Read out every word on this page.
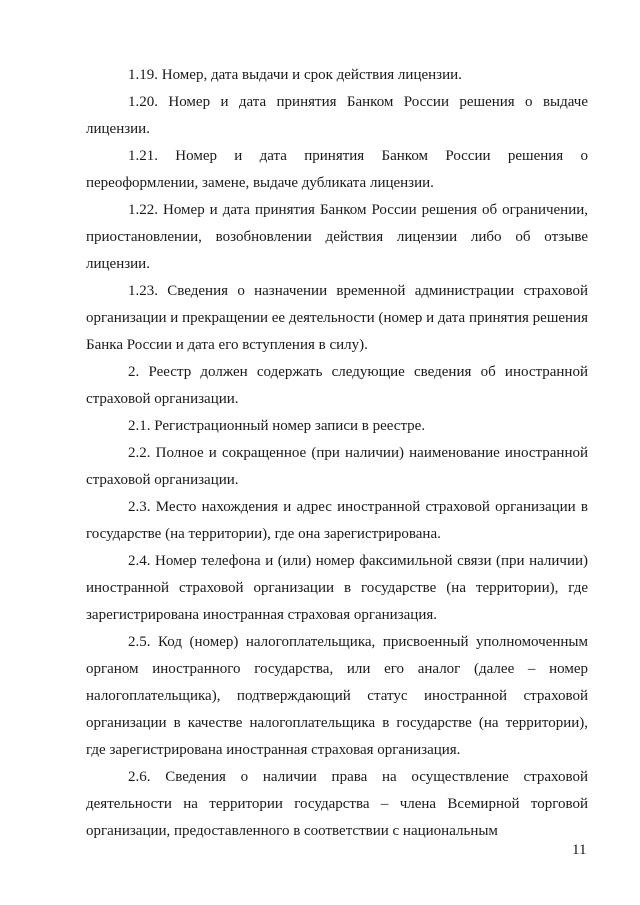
1.19. Номер, дата выдачи и срок действия лицензии.

1.20. Номер и дата принятия Банком России решения о выдаче лицензии.

1.21. Номер и дата принятия Банком России решения о переоформлении, замене, выдаче дубликата лицензии.

1.22. Номер и дата принятия Банком России решения об ограничении, приостановлении, возобновлении действия лицензии либо об отзыве лицензии.

1.23. Сведения о назначении временной администрации страховой организации и прекращении ее деятельности (номер и дата принятия решения Банка России и дата его вступления в силу).

2. Реестр должен содержать следующие сведения об иностранной страховой организации.

2.1. Регистрационный номер записи в реестре.

2.2. Полное и сокращенное (при наличии) наименование иностранной страховой организации.

2.3. Место нахождения и адрес иностранной страховой организации в государстве (на территории), где она зарегистрирована.

2.4. Номер телефона и (или) номер факсимильной связи (при наличии) иностранной страховой организации в государстве (на территории), где зарегистрирована иностранная страховая организация.

2.5. Код (номер) налогоплательщика, присвоенный уполномоченным органом иностранного государства, или его аналог (далее – номер налогоплательщика), подтверждающий статус иностранной страховой организации в качестве налогоплательщика в государстве (на территории), где зарегистрирована иностранная страховая организация.

2.6. Сведения о наличии права на осуществление страховой деятельности на территории государства – члена Всемирной торговой организации, предоставленного в соответствии с национальным

11
